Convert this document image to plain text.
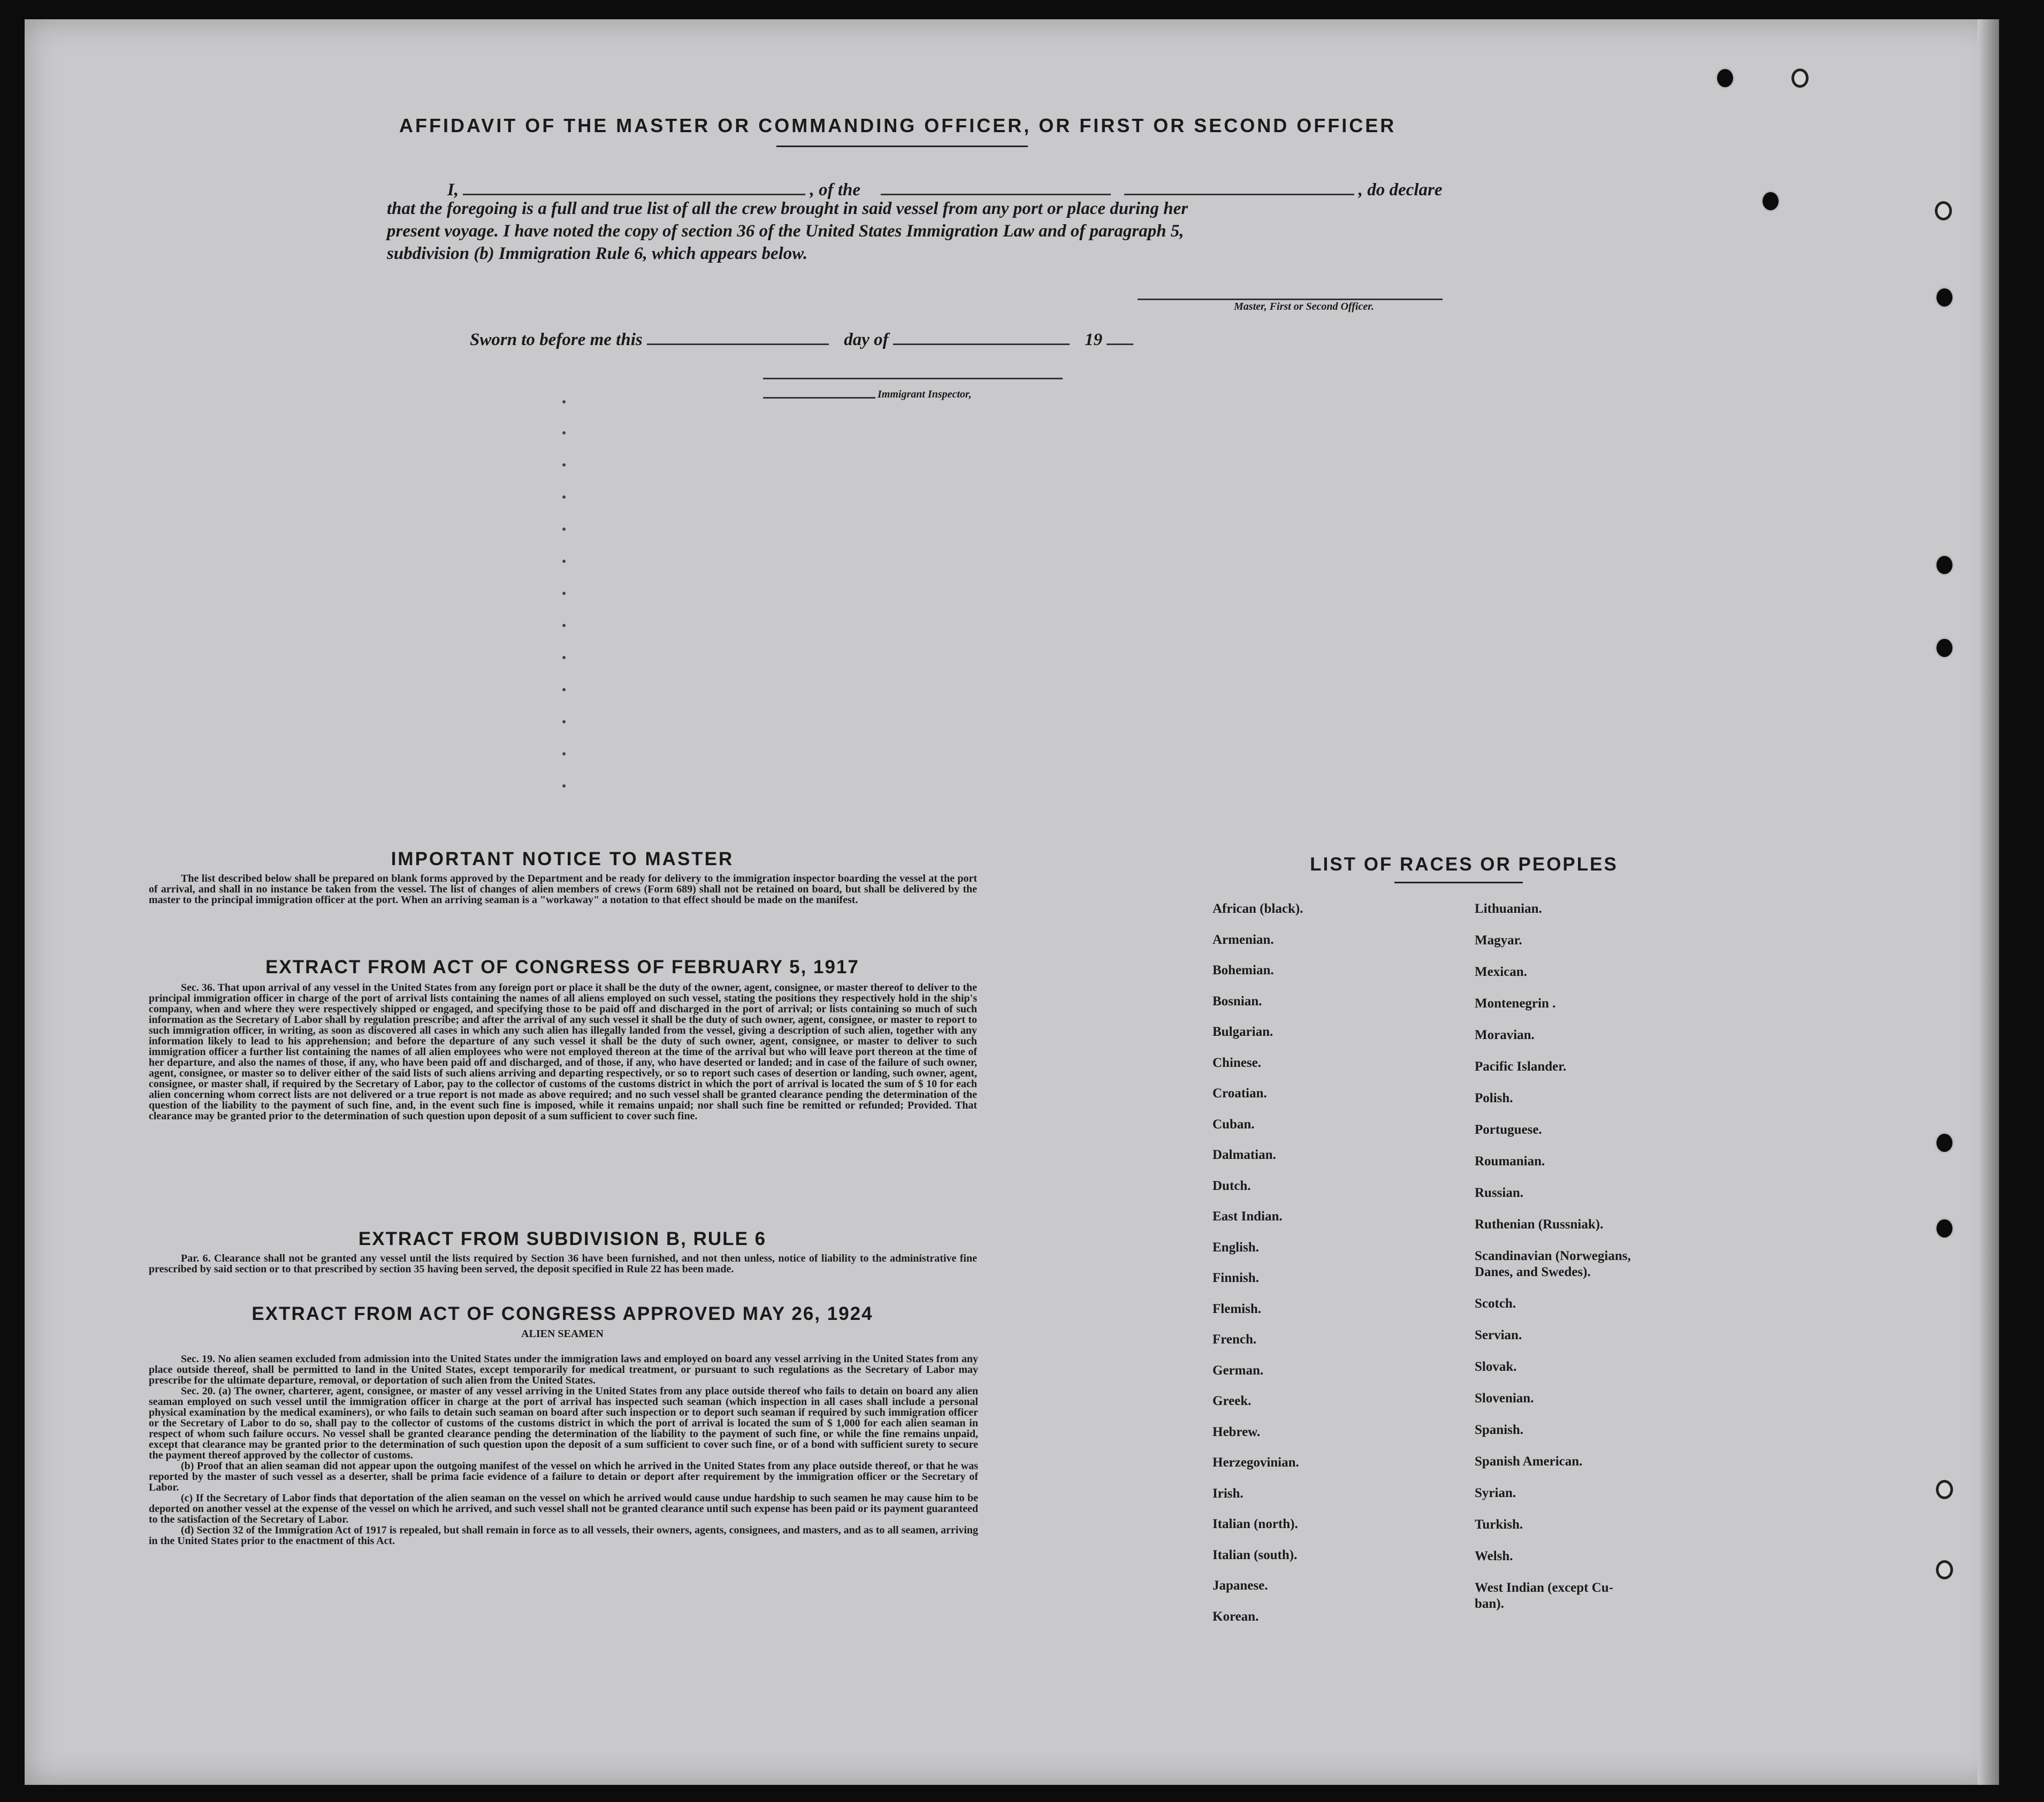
AFFIDAVIT OF THE MASTER OR COMMANDING OFFICER, OR FIRST OR SECOND OFFICER
I,	, of the	, do declare
that the foregoing is a full and true list of all the crew brought in said vessel from any port or place during her
present voyage. I have noted the copy of section 36 of the United States Immigration Law and of paragraph 5,
subdivision (b) Immigration Rule 6, which appears below.
Master, First or Second Officer.
Sworn to before me this	day of	19
Immigrant Inspector,
IMPORTANT NOTICE TO MASTER

The list described below shall be prepared on blank forms approved by the Department and be ready for delivery to the immigration inspector boarding the vessel at the port of arrival, and shall in no instance be taken from the vessel. The list of changes of alien members of crews (Form 689) shall not be retained on board, but shall be delivered by the master to the principal immigration officer at the port. When an arriving seaman is a "workaway" a notation to that effect should be made on the manifest.

EXTRACT FROM ACT OF CONGRESS OF FEBRUARY 5, 1917

Sec. 36. That upon arrival of any vessel in the United States from any foreign port or place it shall be the duty of the owner, agent, consignee, or master thereof to deliver to the principal immigration officer in charge of the port of arrival lists containing the names of all aliens employed on such vessel, stating the positions they respectively hold in the ship's company, when and where they were respectively shipped or engaged, and specifying those to be paid off and discharged in the port of arrival; or lists containing so much of such information as the Secretary of Labor shall by regulation prescribe; and after the arrival of any such vessel it shall be the duty of such owner, agent, consignee, or master to report to such immigration officer, in writing, as soon as discovered all cases in which any such alien has illegally landed from the vessel, giving a description of such alien, together with any information likely to lead to his apprehension; and before the departure of any such vessel it shall be the duty of such owner, agent, consignee, or master to deliver to such immigration officer a further list containing the names of all alien employees who were not employed thereon at the time of the arrival but who will leave port thereon at the time of her departure, and also the names of those, if any, who have been paid off and discharged, and of those, if any, who have deserted or landed; and in case of the failure of such owner, agent, consignee, or master so to deliver either of the said lists of such aliens arriving and departing respectively, or so to report such cases of desertion or landing, such owner, agent, consignee, or master shall, if required by the Secretary of Labor, pay to the collector of customs of the customs district in which the port of arrival is located the sum of $ 10 for each alien concerning whom correct lists are not delivered or a true report is not made as above required; and no such vessel shall be granted clearance pending the determination of the question of the liability to the payment of such fine, and, in the event such fine is imposed, while it remains unpaid; nor shall such fine be remitted or refunded; Provided. That clearance may be granted prior to the determination of such question upon deposit of a sum sufficient to cover such fine.

EXTRACT FROM SUBDIVISION B, RULE 6

Par. 6. Clearance shall not be granted any vessel until the lists required by Section 36 have been furnished, and not then unless, notice of liability to the administrative fine prescribed by said section or to that prescribed by section 35 having been served, the deposit specified in Rule 22 has been made.

EXTRACT FROM ACT OF CONGRESS APPROVED MAY 26, 1924
ALIEN SEAMEN

Sec. 19. No alien seamen excluded from admission into the United States under the immigration laws and employed on board any vessel arriving in the United States from any place outside thereof, shall be permitted to land in the United States, except temporarily for medical treatment, or pursuant to such regulations as the Secretary of Labor may prescribe for the ultimate departure, removal, or deportation of such alien from the United States.

Sec. 20. (a) The owner, charterer, agent, consignee, or master of any vessel arriving in the United States from any place outside thereof who fails to detain on board any alien seaman employed on such vessel until the immigration officer in charge at the port of arrival has inspected such seaman (which inspection in all cases shall include a personal physical examination by the medical examiners), or who fails to detain such seaman on board after such inspection or to deport such seaman if required by such immigration officer or the Secretary of Labor to do so, shall pay to the collector of customs of the customs district in which the port of arrival is located the sum of $ 1,000 for each alien seaman in respect of whom such failure occurs. No vessel shall be granted clearance pending the determination of the liability to the payment of such fine, or while the fine remains unpaid, except that clearance may be granted prior to the determination of such question upon the deposit of a sum sufficient to cover such fine, or of a bond with sufficient surety to secure the payment thereof approved by the collector of customs.

(b) Proof that an alien seaman did not appear upon the outgoing manifest of the vessel on which he arrived in the United States from any place outside thereof, or that he was reported by the master of such vessel as a deserter, shall be prima facie evidence of a failure to detain or deport after requirement by the immigration officer or the Secretary of Labor.

(c) If the Secretary of Labor finds that deportation of the alien seaman on the vessel on which he arrived would cause undue hardship to such seamen he may cause him to be deported on another vessel at the expense of the vessel on which he arrived, and such vessel shall not be granted clearance until such expense has been paid or its payment guaranteed to the satisfaction of the Secretary of Labor.

(d) Section 32 of the Immigration Act of 1917 is repealed, but shall remain in force as to all vessels, their owners, agents, consignees, and masters, and as to all seamen, arriving in the United States prior to the enactment of this Act.

LIST OF RACES OR PEOPLES
African (black).
Armenian.
Bohemian.
Bosnian.
Bulgarian.
Chinese.
Croatian.
Cuban.
Dalmatian.
Dutch.
East Indian.
English.
Finnish.
Flemish.
French.
German.
Greek.
Hebrew.
Herzegovinian.
Irish.
Italian (north).
Italian (south).
Japanese.
Korean.
Lithuanian.
Magyar.
Mexican.
Montenegrin .
Moravian.
Pacific Islander.
Polish.
Portuguese.
Roumanian.
Russian.
Ruthenian (Russniak).
Scandinavian (Norwegians,
Danes, and Swedes).
Scotch.
Servian.
Slovak.
Slovenian.
Spanish.
Spanish American.
Syrian.
Turkish.
Welsh.
West Indian (except Cu-
ban).
